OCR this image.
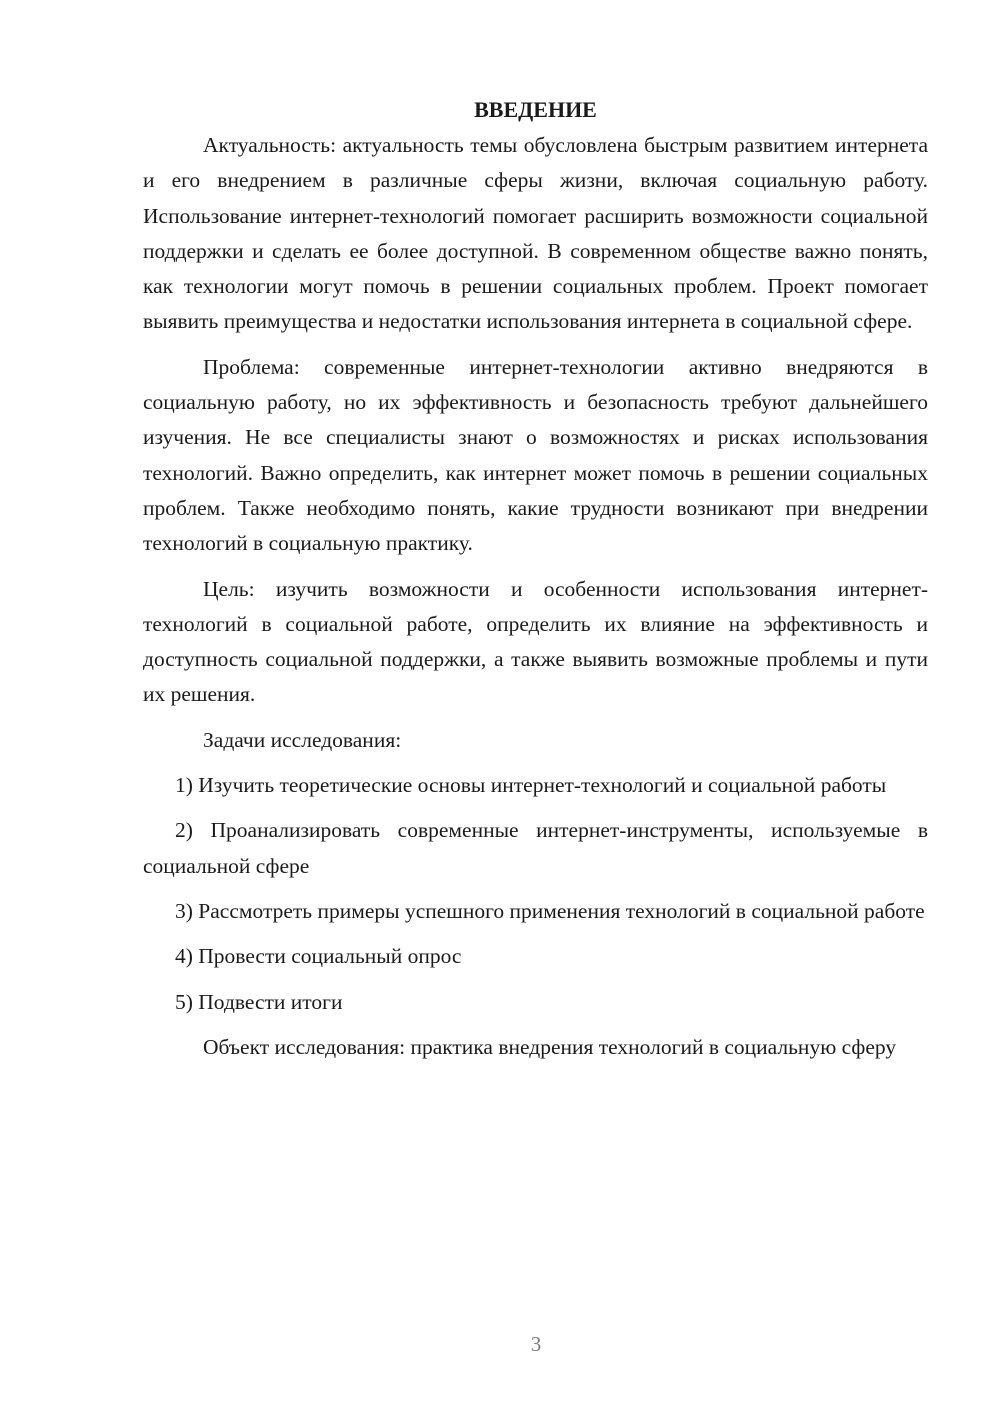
ВВЕДЕНИЕ

Актуальность: актуальность темы обусловлена быстрым развитием интернета и его внедрением в различные сферы жизни, включая социальную работу. Использование интернет-технологий помогает расширить возможности социальной поддержки и сделать ее более доступной. В современном обществе важно понять, как технологии могут помочь в решении социальных проблем. Проект помогает выявить преимущества и недостатки использования интернета в социальной сфере.

Проблема: современные интернет-технологии активно внедряются в социальную работу, но их эффективность и безопасность требуют дальнейшего изучения. Не все специалисты знают о возможностях и рисках использования технологий. Важно определить, как интернет может помочь в решении социальных проблем. Также необходимо понять, какие трудности возникают при внедрении технологий в социальную практику.

Цель: изучить возможности и особенности использования интернет-технологий в социальной работе, определить их влияние на эффективность и доступность социальной поддержки, а также выявить возможные проблемы и пути их решения.

Задачи исследования:

1) Изучить теоретические основы интернет-технологий и социальной работы

2) Проанализировать современные интернет-инструменты, используемые в социальной сфере

3) Рассмотреть примеры успешного применения технологий в социальной работе

4) Провести социальный опрос

5) Подвести итоги

Объект исследования: практика внедрения технологий в социальную сферу

3
